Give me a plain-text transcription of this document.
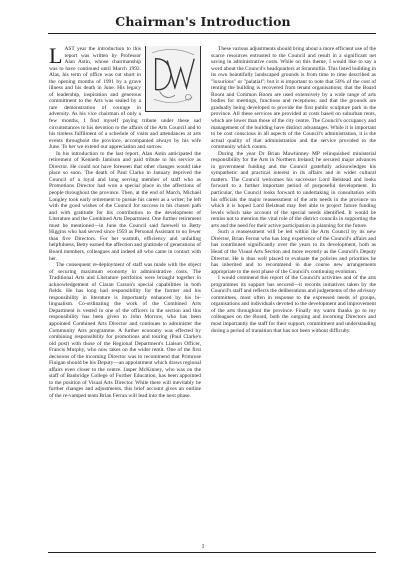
Chairman's Introduction

LAST year the introduction to this report was written by Professor Alan Astin, whose chairmanship was to have continued until March 1992. Alas, his term of office was cut short in the opening months of 1991 by a grave illness and his death in June. His legacy of leadership, inspiration and generous commitment to the Arts was sealed by a rare demonstration of courage in adversity. As his vice chairman of only a few months, I find myself paying tribute under these sad circumstances to his devotion to the affairs of the Arts Council and to his tireless fulfilment of a schedule of visits and attendances at arts events throughout the province, accompanied always by his wife June. To her we extend our appreciation and sorrow.

In his introduction to the last report, Alan Astin anticipated the retirement of Kenneth Jamison and paid tribute to his service as Director. He could not have foreseen that other changes would take place so soon. The death of Paul Clarke in January deprived the Council of a loyal and long serving member of staff who as Promotions Director had won a special place in the affections of people throughout the province. Then, at the end of March, Michael Longley took early retirement to pursue his career as a writer; he left with the good wishes of the Council for success in his chosen path and with gratitude for his contribution to the development of Literature and the Combined Arts Department. One further retirement must be mentioned—in June the Council said farewell to Betty Higgins who had served since 1959 as Personal Assistant to no fewer than five Directors. For her warmth, efficiency and unfailing helpfulness, Betty earned the affection and gratitude of generations of Board members, colleagues and indeed all who came in contact with her.

The consequent re-deployment of staff was made with the object of securing maximum economy in administrative costs. The Traditional Arts and Literature portfolios were brought together in acknowledgement of Ciaran Carson's special capabilities in both fields. He has long had responsibility for the former and his responsibility in literature is importantly enhanced by his bi-lingualism. Co-ordinating the work of the Combined Arts Department is vested in one of the officers in the section and this responsibility has been given to John Morrow, who has been appointed Combined Arts Director and continues to administer the Community Arts programme. A further economy was effected by combining responsibility for promotions and touring (Paul Clarke's old post) with those of the Regional Department's Liaison Officer, Francis Murphy, who now takes on the wider remit. One of the first decisions of the incoming Director was to recommend that Primrose Finigan should be his Deputy—an appointment which draws regional affairs even closer to the centre. Jasper McKinney, who was on the staff of Banbridge College of Further Education, has been appointed to the position of Visual Arts Director. While there will inevitably be further changes and adjustments, this brief account gives an outline of the re-vamped team Brian Ferran will lead into the next phase.

These various adjustments should bring about a more efficient use of the scarce resources entrusted to the Council and result in a significant net saving in administrative costs. While on this theme, I would like to say a word about the Council's headquarters at Stranmillis. This listed building in its own beautifully landscaped grounds is from time to time described as "luxurious" or "palatial"; but it is important to note that 50% of the cost of renting the building is recovered from tenant organisations; that the Board Room and Common Room are used extensively by a wide range of arts bodies for meetings, functions and receptions; and that the grounds are gradually being developed to provide the first public sculpture park in the province. All these services are provided at costs based on suburban rents, which are lower than those of the city centre. The Council's occupancy and management of the building have distinct advantages. While it is important to be cost conscious in all aspects of the Council's administration, it is the actual quality of that administration and the service provided to the community which counts.

During the year Dr Brian Mawhinney MP relinquished ministerial responsibility for the Arts in Northern Ireland; he secured major advances in government funding and the Council gratefully acknowledges his sympathetic and practical interest in its affairs and in wider cultural matters. The Council welcomes his successor Lord Belstead and looks forward to a further important period of purposeful development. In particular, the Council looks forward to undertaking in consultation with his officials the major reassessment of the arts needs in the province on which it is hoped Lord Belstead may feel able to project future funding levels which take account of the special needs identified. It would be remiss not to mention the vital role of the district councils in supporting the arts and the need for their active participation in planning for the future.

Such a reassessment will be led within the Arts Council by its new Director, Brian Ferran who has long experience of the Council's affairs and has contributed significantly over the years to its development, both as Head of the Visual Arts Section and more recently as the Council's Deputy Director. He is thus well placed to evaluate the policies and priorities he has inherited and to recommend in due course new arrangements appropriate to the next phase of the Council's continuing evolution.

I would commend this report of the Council's activities and of the arts programmes its support has secured—it records initiatives taken by the Council's staff and reflects the deliberations and judgements of the advisory committees, most often in response to the expressed needs of groups, organisations and individuals devoted to the development and improvement of the arts throughout the province. Finally my warm thanks go to my colleagues on the Board, both the outgoing and incoming Directors and most importantly the staff for their support, commitment and understanding during a period of transition that has not been without difficulty.

1
